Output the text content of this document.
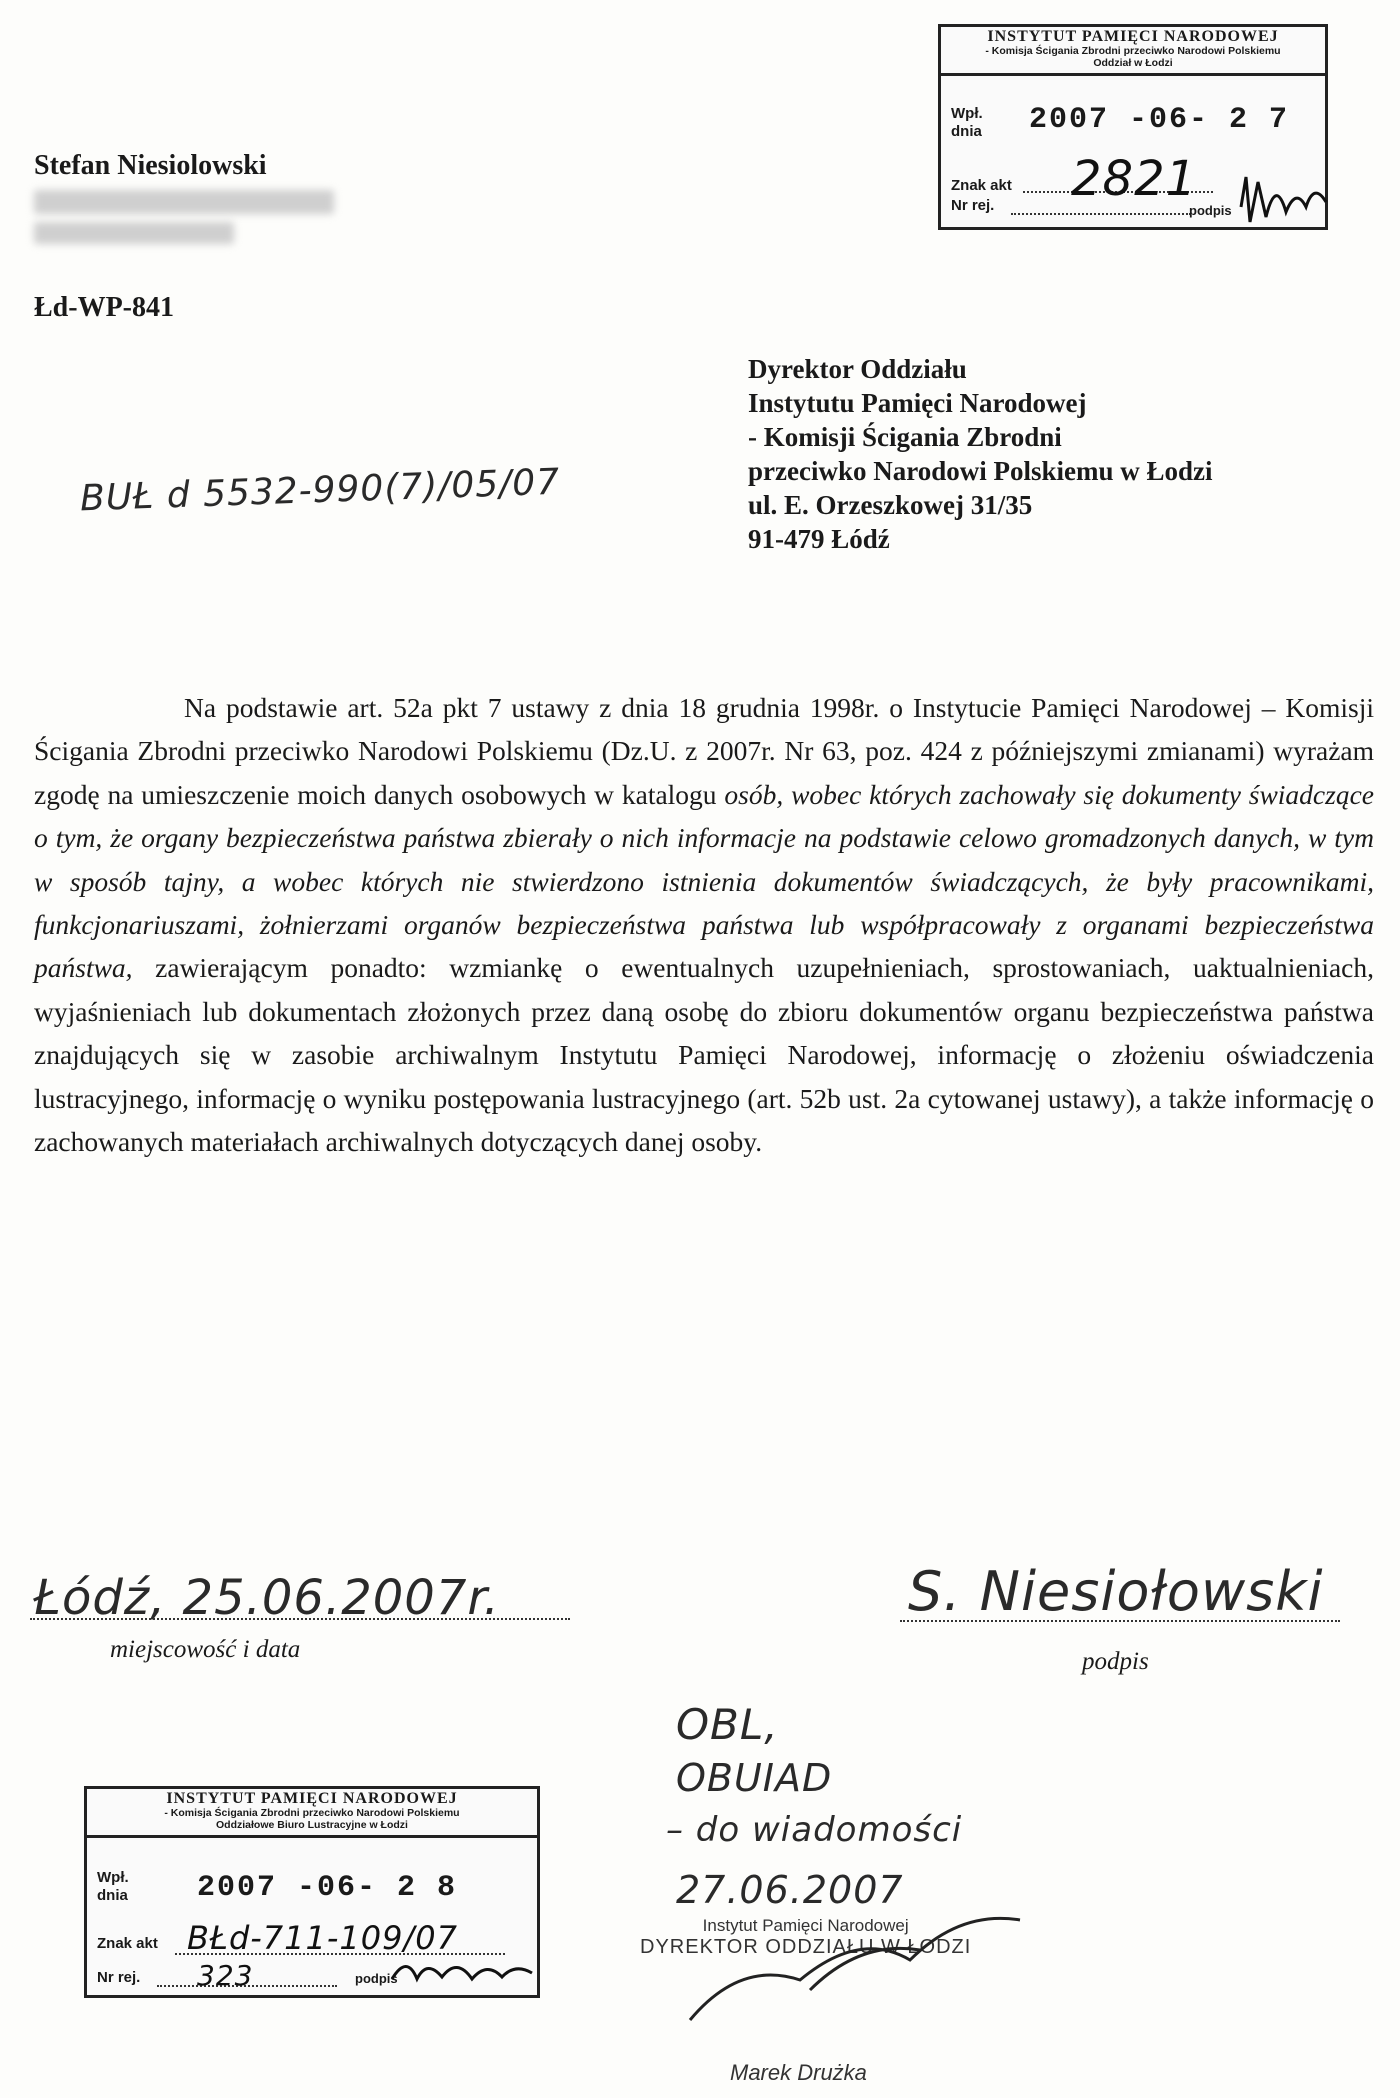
Stefan Niesiolowski
Łd-WP-841
BUŁ d 5532-990(7)/05/07
INSTYTUT PAMIĘCI NARODOWEJ
- Komisja Ścigania Zbrodni przeciwko Narodowi Polskiemu
Oddział w Łodzi
Wpł.
dnia 2007 -06- 2 7
Znak akt
Nr rej. 2821
podpis
Dyrektor Oddziału
Instytutu Pamięci Narodowej
- Komisji Ścigania Zbrodni
przeciwko Narodowi Polskiemu w Łodzi
ul. E. Orzeszkowej 31/35
91-479 Łódź

Na podstawie art. 52a pkt 7 ustawy z dnia 18 grudnia 1998r. o Instytucie Pamięci Narodowej – Komisji Ścigania Zbrodni przeciwko Narodowi Polskiemu (Dz.U. z 2007r. Nr 63, poz. 424 z późniejszymi zmianami) wyrażam zgodę na umieszczenie moich danych osobowych w katalogu osób, wobec których zachowały się dokumenty świadczące o tym, że organy bezpieczeństwa państwa zbierały o nich informacje na podstawie celowo gromadzonych danych, w tym w sposób tajny, a wobec których nie stwierdzono istnienia dokumentów świadczących, że były pracownikami, funkcjonariuszami, żołnierzami organów bezpieczeństwa państwa lub współpracowały z organami bezpieczeństwa państwa, zawierającym ponadto: wzmiankę o ewentualnych uzupełnieniach, sprostowaniach, uaktualnieniach, wyjaśnieniach lub dokumentach złożonych przez daną osobę do zbioru dokumentów organu bezpieczeństwa państwa znajdujących się w zasobie archiwalnym Instytutu Pamięci Narodowej, informację o złożeniu oświadczenia lustracyjnego, informację o wyniku postępowania lustracyjnego (art. 52b ust. 2a cytowanej ustawy), a także informację o zachowanych materiałach archiwalnych dotyczących danej osoby.

Łódź, 25.06.2007r.
miejscowość i data
S. Niesiołowski
podpis
OBL,
OBUIAD
– do wiadomości
27.06.2007
INSTYTUT PAMIĘCI NARODOWEJ
- Komisja Ścigania Zbrodni przeciwko Narodowi Polskiemu
Oddziałowe Biuro Lustracyjne w Łodzi
Wpł.
dnia 2007 -06- 2 8
Znak akt BŁd-711-109/07
Nr rej. 323	podpis
Instytut Pamięci Narodowej
DYREKTOR ODDZIAŁU W ŁODZI
Marek Drużka
